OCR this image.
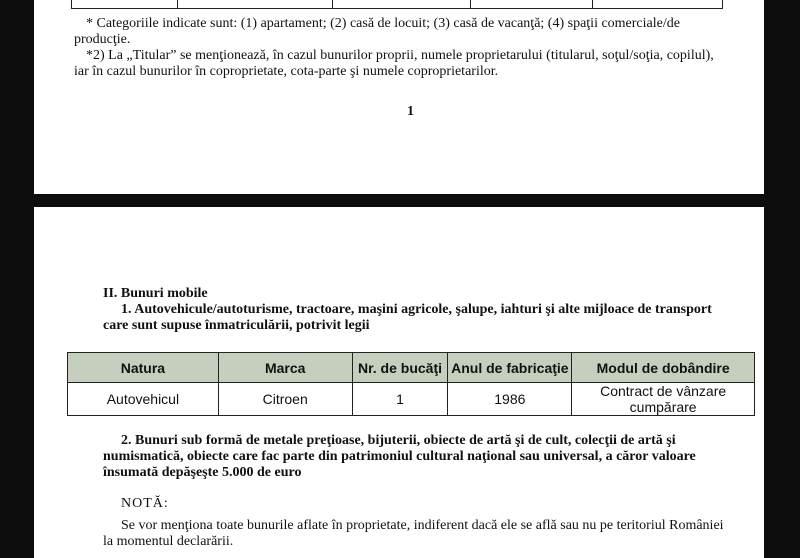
* Categoriile indicate sunt: (1) apartament; (2) casă de locuit; (3) casă de vacanţă; (4) spaţii comerciale/de
producţie.
*2) La „Titular” se menţionează, în cazul bunurilor proprii, numele proprietarului (titularul, soţul/soţia, copilul),
iar în cazul bunurilor în coproprietate, cota-parte şi numele coproprietarilor.
1
II. Bunuri mobile
1. Autovehicule/autoturisme, tractoare, maşini agricole, şalupe, iahturi şi alte mijloace de transport
care sunt supuse înmatriculării, potrivit legii
Natura	Marca	Nr. de bucăţi	Anul de fabricaţie	Modul de dobândire
Autovehicul	Citroen	1	1986	Contract de vânzare cumpărare
2. Bunuri sub formă de metale preţioase, bijuterii, obiecte de artă şi de cult, colecţii de artă şi
numismatică, obiecte care fac parte din patrimoniul cultural naţional sau universal, a căror valoare
însumată depăşeşte 5.000 de euro
NOTĂ:
Se vor menţiona toate bunurile aflate în proprietate, indiferent dacă ele se află sau nu pe teritoriul României
la momentul declarării.
